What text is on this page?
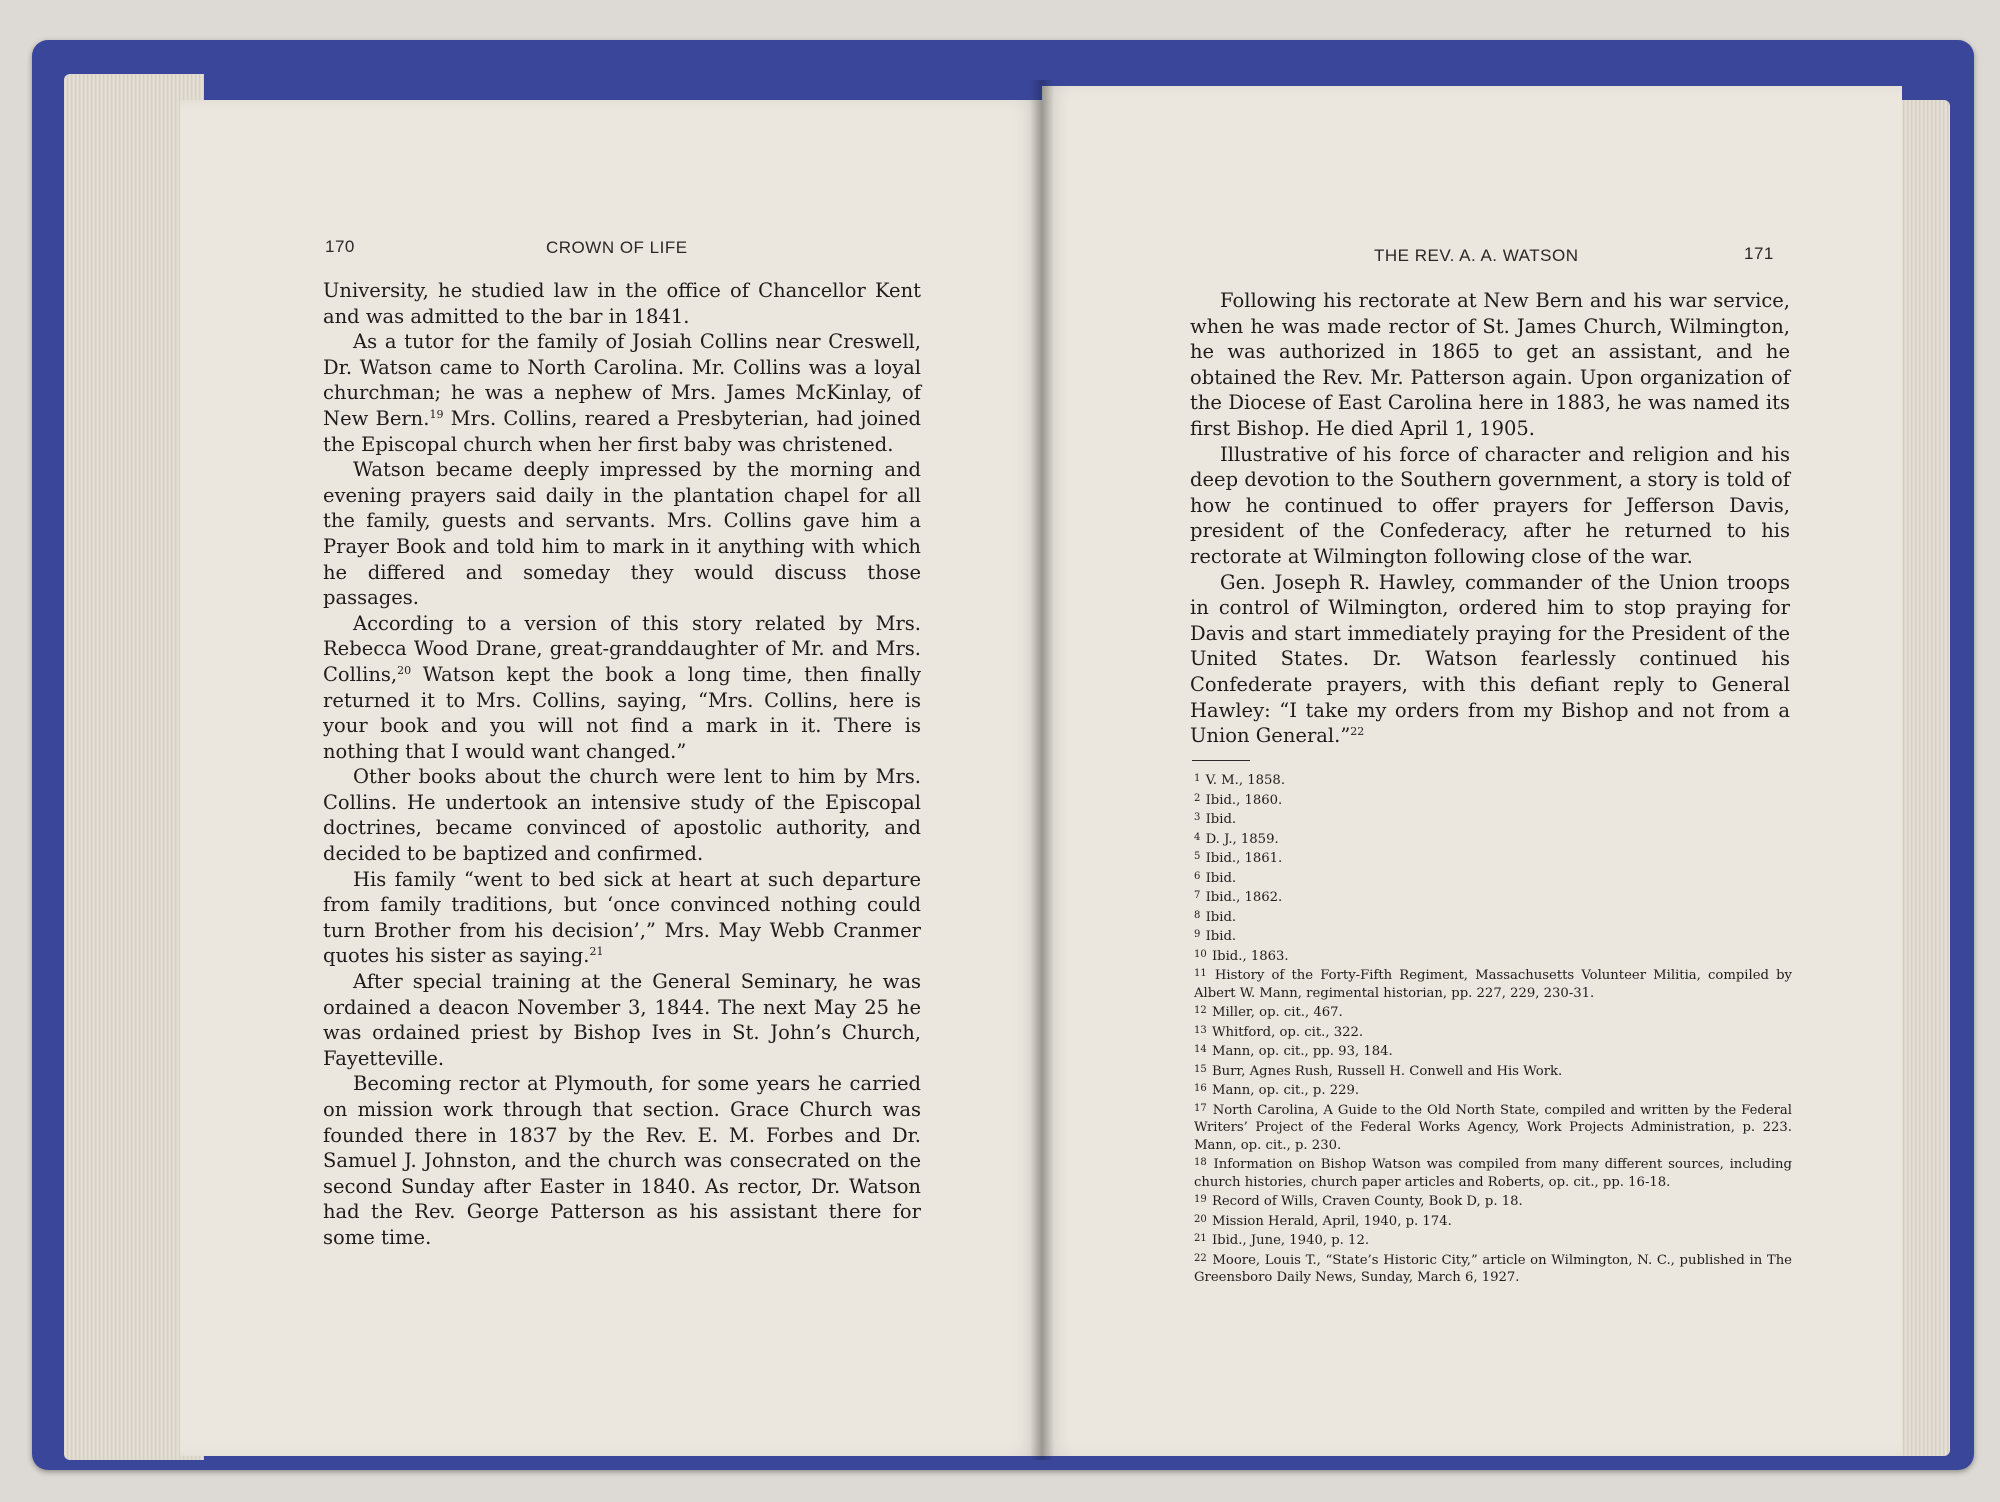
170	CROWN OF LIFE

University, he studied law in the office of Chancellor Kent and was admitted to the bar in 1841.

As a tutor for the family of Josiah Collins near Creswell, Dr. Watson came to North Carolina. Mr. Collins was a loyal churchman; he was a nephew of Mrs. James McKinlay, of New Bern.$^{19}$ Mrs. Collins, reared a Presbyterian, had joined the Episcopal church when her first baby was christened.

Watson became deeply impressed by the morning and evening prayers said daily in the plantation chapel for all the family, guests and servants. Mrs. Collins gave him a Prayer Book and told him to mark in it anything with which he differed and someday they would discuss those passages.

According to a version of this story related by Mrs. Rebecca Wood Drane, great-granddaughter of Mr. and Mrs. Collins,$^{20}$ Watson kept the book a long time, then finally returned it to Mrs. Collins, saying, “Mrs. Collins, here is your book and you will not find a mark in it. There is nothing that I would want changed.”

Other books about the church were lent to him by Mrs. Collins. He undertook an intensive study of the Episcopal doctrines, became convinced of apostolic authority, and decided to be baptized and confirmed.

His family “went to bed sick at heart at such departure from family traditions, but ‘once convinced nothing could turn Brother from his decision’,” Mrs. May Webb Cranmer quotes his sister as saying.$^{21}$

After special training at the General Seminary, he was ordained a deacon November 3, 1844. The next May 25 he was ordained priest by Bishop Ives in St. John’s Church, Fayetteville.

Becoming rector at Plymouth, for some years he carried on mission work through that section. Grace Church was founded there in 1837 by the Rev. E. M. Forbes and Dr. Samuel J. Johnston, and the church was consecrated on the second Sunday after Easter in 1840. As rector, Dr. Watson had the Rev. George Patterson as his assistant there for some time.

THE REV. A. A. WATSON	171

Following his rectorate at New Bern and his war service, when he was made rector of St. James Church, Wilmington, he was authorized in 1865 to get an assistant, and he obtained the Rev. Mr. Patterson again. Upon organization of the Diocese of East Carolina here in 1883, he was named its first Bishop. He died April 1, 1905.

Illustrative of his force of character and religion and his deep devotion to the Southern government, a story is told of how he continued to offer prayers for Jefferson Davis, president of the Confederacy, after he returned to his rectorate at Wilmington following close of the war.

Gen. Joseph R. Hawley, commander of the Union troops in control of Wilmington, ordered him to stop praying for Davis and start immediately praying for the President of the United States. Dr. Watson fearlessly continued his Confederate prayers, with this defiant reply to General Hawley: “I take my orders from my Bishop and not from a Union General.”$^{22}$

$^1$ V. M., 1858.

$^2$ Ibid., 1860.

$^3$ Ibid.

$^4$ D. J., 1859.

$^5$ Ibid., 1861.

$^6$ Ibid.

$^7$ Ibid., 1862.

$^8$ Ibid.

$^9$ Ibid.

$^{10}$ Ibid., 1863.

$^{11}$ History of the Forty-Fifth Regiment, Massachusetts Volunteer Militia, compiled by Albert W. Mann, regimental historian, pp. 227, 229, 230-31.

$^{12}$ Miller, op. cit., 467.

$^{13}$ Whitford, op. cit., 322.

$^{14}$ Mann, op. cit., pp. 93, 184.

$^{15}$ Burr, Agnes Rush, Russell H. Conwell and His Work.

$^{16}$ Mann, op. cit., p. 229.

$^{17}$ North Carolina, A Guide to the Old North State, compiled and written by the Federal Writers’ Project of the Federal Works Agency, Work Projects Administration, p. 223. Mann, op. cit., p. 230.

$^{18}$ Information on Bishop Watson was compiled from many different sources, including church histories, church paper articles and Roberts, op. cit., pp. 16-18.

$^{19}$ Record of Wills, Craven County, Book D, p. 18.

$^{20}$ Mission Herald, April, 1940, p. 174.

$^{21}$ Ibid., June, 1940, p. 12.

$^{22}$ Moore, Louis T., “State’s Historic City,” article on Wilmington, N. C., published in The Greensboro Daily News, Sunday, March 6, 1927.
